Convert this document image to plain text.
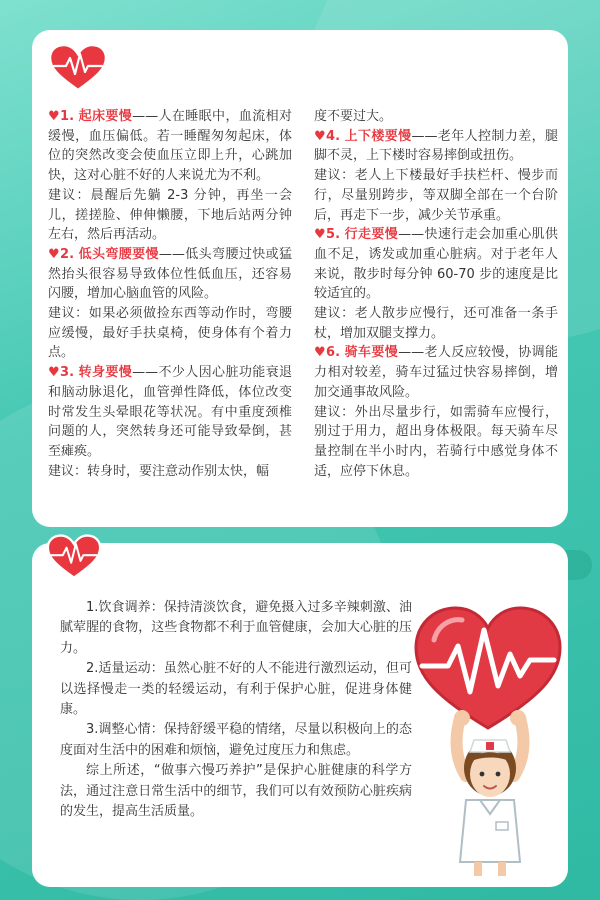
♥1. 起床要慢——人在睡眠中，血流相对缓慢，血压偏低。若一睡醒匆匆起床，体位的突然改变会使血压立即上升，心跳加快，这对心脏不好的人来说尤为不利。

建议：晨醒后先躺 2-3 分钟，再坐一会儿，搓搓脸、伸伸懒腰，下地后站两分钟左右，然后再活动。

♥2. 低头弯腰要慢——低头弯腰过快或猛然抬头很容易导致体位性低血压，还容易闪腰，增加心脑血管的风险。

建议：如果必须做捡东西等动作时，弯腰应缓慢，最好手扶桌椅，使身体有个着力点。

♥3. 转身要慢——不少人因心脏功能衰退和脑动脉退化，血管弹性降低，体位改变时常发生头晕眼花等状况。有中重度颈椎问题的人，突然转身还可能导致晕倒，甚至瘫痪。

建议：转身时，要注意动作别太快，幅

度不要过大。

♥4. 上下楼要慢——老年人控制力差，腿脚不灵，上下楼时容易摔倒或扭伤。

建议：老人上下楼最好手扶栏杆、慢步而行，尽量别跨步，等双脚全部在一个台阶后，再走下一步，减少关节承重。

♥5. 行走要慢——快速行走会加重心肌供血不足，诱发或加重心脏病。对于老年人来说，散步时每分钟 60-70 步的速度是比较适宜的。

建议：老人散步应慢行，还可准备一条手杖，增加双腿支撑力。

♥6. 骑车要慢——老人反应较慢，协调能力相对较差，骑车过猛过快容易摔倒，增加交通事故风险。

建议：外出尽量步行，如需骑车应慢行，别过于用力，超出身体极限。每天骑车尽量控制在半小时内，若骑行中感觉身体不适，应停下休息。

1.饮食调养：保持清淡饮食，避免摄入过多辛辣刺激、油腻荤腥的食物，这些食物都不利于血管健康，会加大心脏的压力。

2.适量运动：虽然心脏不好的人不能进行激烈运动，但可以选择慢走一类的轻缓运动，有利于保护心脏，促进身体健康。

3.调整心情：保持舒缓平稳的情绪，尽量以积极向上的态度面对生活中的困难和烦恼，避免过度压力和焦虑。

综上所述，“做事六慢巧养护”是保护心脏健康的科学方法，通过注意日常生活中的细节，我们可以有效预防心脏疾病的发生，提高生活质量。
